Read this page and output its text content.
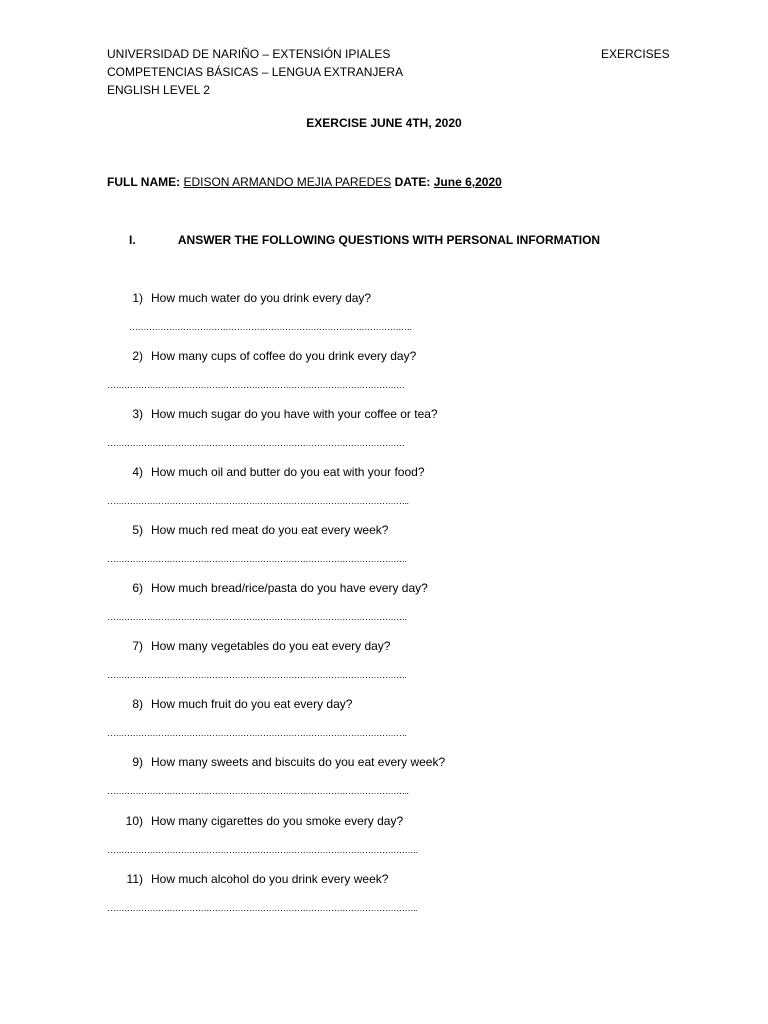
UNIVERSIDAD DE NARIÑO – EXTENSIÓN IPIALES
COMPETENCIAS BÁSICAS – LENGUA EXTRANJERA
ENGLISH LEVEL 2
EXERCISES
EXERCISE JUNE 4TH, 2020
FULL NAME: EDISON ARMANDO MEJIA PAREDES DATE: June 6,2020
I.	ANSWER THE FOLLOWING QUESTIONS WITH PERSONAL INFORMATION
1) How much water do you drink every day?
……………………………………………………………………………………….
2) How many cups of coffee do you drink every day?
……………………………………………………………………………………………
3) How much sugar do you have with your coffee or tea?
……………………………………………………………………………………………
4) How much oil and butter do you eat with your food?
……………………………………………………………………………………………..
5) How much red meat do you eat every week?
…………………………………………………………………………………………….
6) How much bread/rice/pasta do you have every day?
…………………………………………………………………………………………….
7) How many vegetables do you eat every day?
…………………………………………………………………………………………….
8) How much fruit do you eat every day?
…………………………………………………………………………………………….
9) How many sweets and biscuits do you eat every week?
……………………………………………………………………………………………..
10) How many cigarettes do you smoke every day?
………………………………………………………………………………………………..
11) How much alcohol do you drink every week?
………………………………………………………………………………………………..
